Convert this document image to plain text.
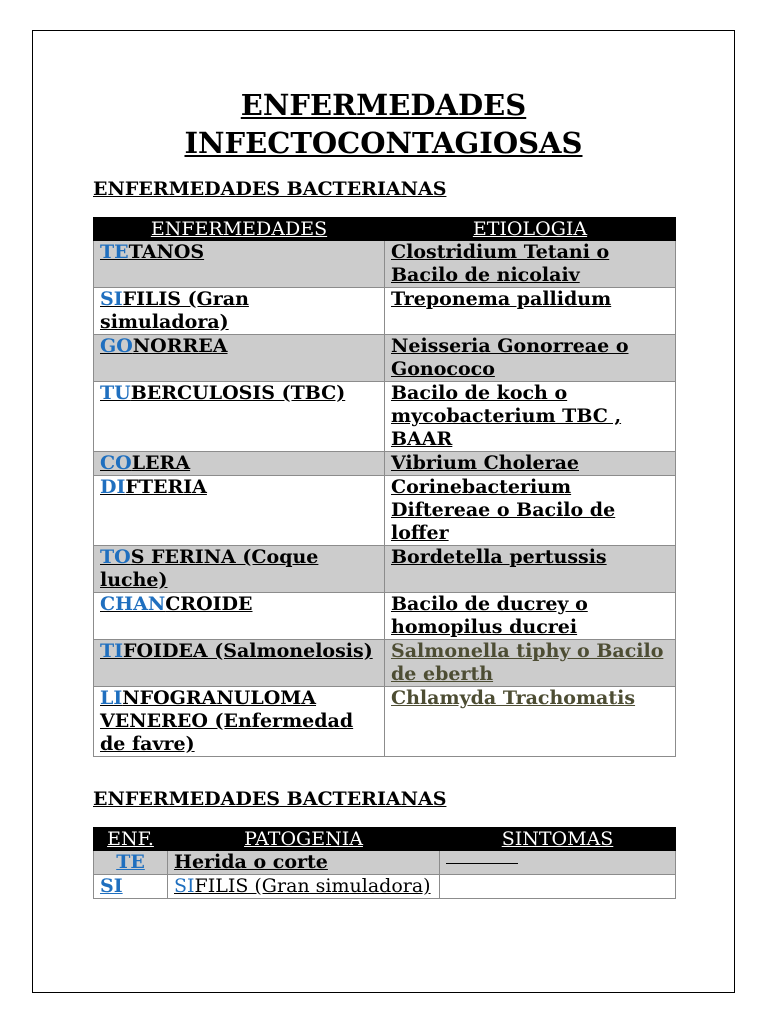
ENFERMEDADES
INFECTOCONTAGIOSAS
ENFERMEDADES BACTERIANAS
ENFERMEDADES	ETIOLOGIA
TETANOS	Clostridium Tetani o Bacilo de nicolaiv
SIFILIS (Gran simuladora)	Treponema pallidum
GONORREA	Neisseria Gonorreae o Gonococo
TUBERCULOSIS (TBC)	Bacilo de koch o mycobacterium TBC , BAAR
COLERA	Vibrium Cholerae
DIFTERIA	Corinebacterium Diftereae o Bacilo de loffer
TOS FERINA (Coque luche)	Bordetella pertussis
CHANCROIDE	Bacilo de ducrey o homopilus ducrei
TIFOIDEA (Salmonelosis)	Salmonella tiphy o Bacilo de eberth
LINFOGRANULOMA VENEREO (Enfermedad de favre)	Chlamyda Trachomatis
ENFERMEDADES BACTERIANAS
ENF.	PATOGENIA	SINTOMAS
TE	Herida o corte	
SI	SIFILIS (Gran simuladora)	
